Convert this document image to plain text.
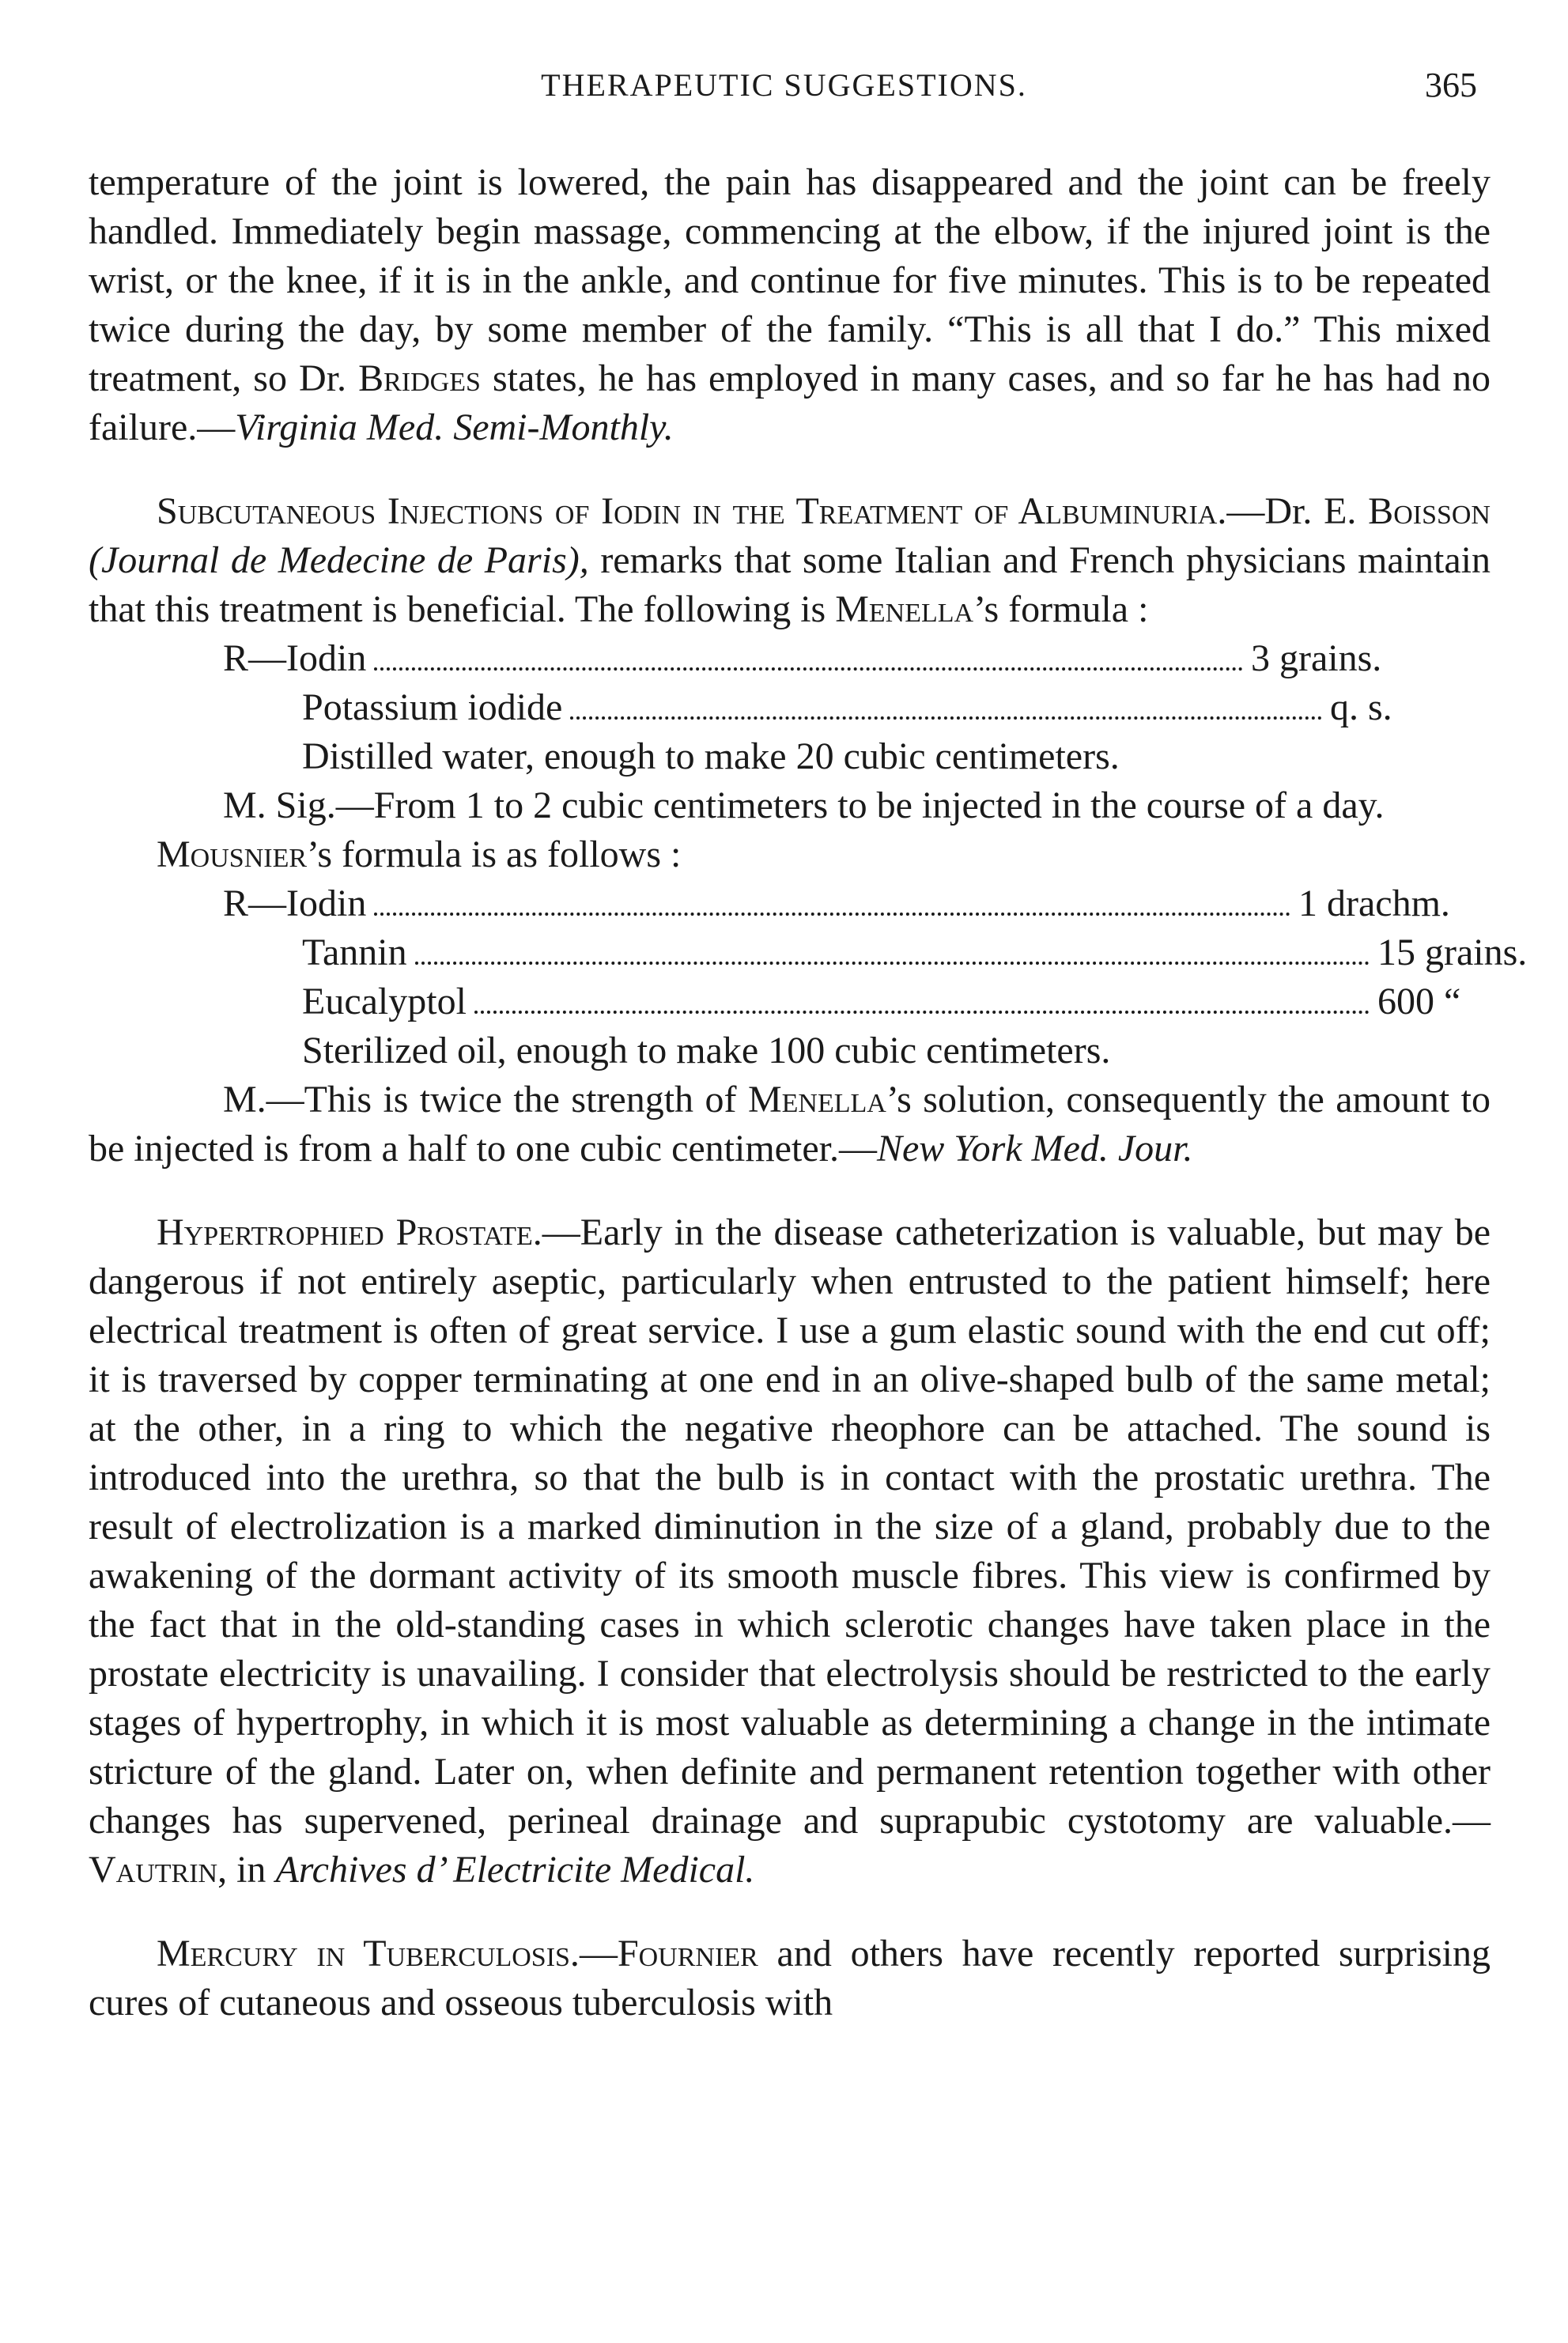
THERAPEUTIC SUGGESTIONS.	365

temperature of the joint is lowered, the pain has disappeared and the joint can be freely handled. Immediately begin massage, commencing at the elbow, if the injured joint is the wrist, or the knee, if it is in the ankle, and continue for five minutes. This is to be repeated twice during the day, by some member of the family. “This is all that I do.” This mixed treatment, so Dr. Bridges states, he has employed in many cases, and so far he has had no failure.—Virginia Med. Semi-Monthly.

Subcutaneous Injections of Iodin in the Treatment of Albuminuria.—Dr. E. Boisson (Journal de Medecine de Paris), remarks that some Italian and French physicians maintain that this treatment is beneficial. The following is Menella’s formula :

R—Iodin	3 grains.
Potassium iodide	q. s.
Distilled water, enough to make 20 cubic centimeters.

M. Sig.—From 1 to 2 cubic centimeters to be injected in the course of a day.

Mousnier’s formula is as follows :

R—Iodin	1 drachm.
Tannin	15 grains.
Eucalyptol	600 “
Sterilized oil, enough to make 100 cubic centimeters.

M.—This is twice the strength of Menella’s solution, consequently the amount to be injected is from a half to one cubic centimeter.—New York Med. Jour.

Hypertrophied Prostate.—Early in the disease catheterization is valuable, but may be dangerous if not entirely aseptic, particularly when entrusted to the patient himself; here electrical treatment is often of great service. I use a gum elastic sound with the end cut off; it is traversed by copper terminating at one end in an olive-shaped bulb of the same metal; at the other, in a ring to which the negative rheophore can be attached. The sound is introduced into the urethra, so that the bulb is in contact with the prostatic urethra. The result of electrolization is a marked diminution in the size of a gland, probably due to the awakening of the dormant activity of its smooth muscle fibres. This view is confirmed by the fact that in the old-standing cases in which sclerotic changes have taken place in the prostate electricity is unavailing. I consider that electrolysis should be restricted to the early stages of hypertrophy, in which it is most valuable as determining a change in the intimate stricture of the gland. Later on, when definite and permanent retention together with other changes has supervened, perineal drainage and suprapubic cystotomy are valuable.—Vautrin, in Archives d’ Electricite Medical.

Mercury in Tuberculosis.—Fournier and others have recently reported surprising cures of cutaneous and osseous tuberculosis with
